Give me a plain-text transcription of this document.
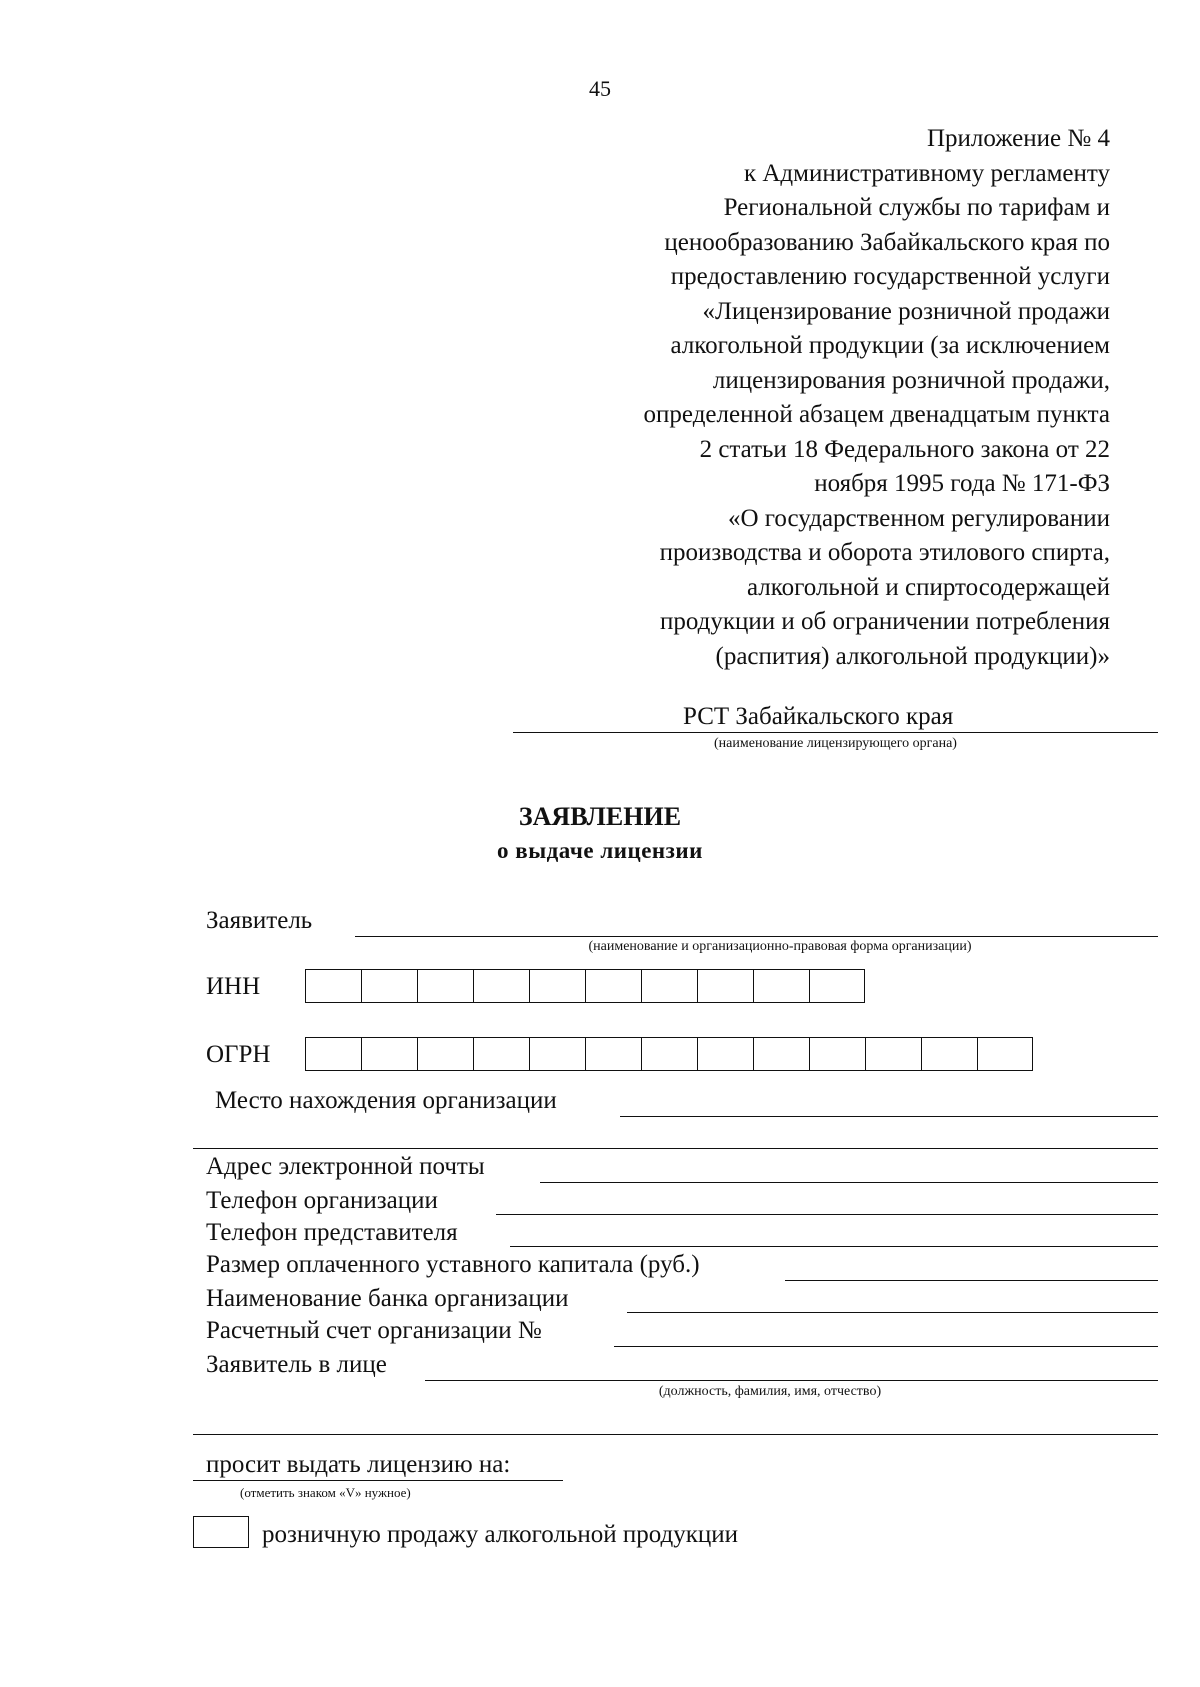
45
Приложение № 4
к Административному регламенту
Региональной службы по тарифам и
ценообразованию Забайкальского края по
предоставлению государственной услуги
«Лицензирование розничной продажи
алкогольной продукции (за исключением
лицензирования розничной продажи,
определенной абзацем двенадцатым пункта
2 статьи 18 Федерального закона от 22
ноября 1995 года № 171-ФЗ
«О государственном регулировании
производства и оборота этилового спирта,
алкогольной и спиртосодержащей
продукции и об ограничении потребления
(распития) алкогольной продукции)»
РСТ Забайкальского края
(наименование лицензирующего органа)
ЗАЯВЛЕНИЕ
о выдаче лицензии
Заявитель
(наименование и организационно-правовая форма организации)
ИНН
ОГРН
Место нахождения организации
Адрес электронной почты
Телефон организации
Телефон представителя
Размер оплаченного уставного капитала (руб.)
Наименование банка организации
Расчетный счет организации №
Заявитель в лице
(должность, фамилия, имя, отчество)
просит выдать лицензию на:
(отметить знаком «V» нужное)
розничную продажу алкогольной продукции
